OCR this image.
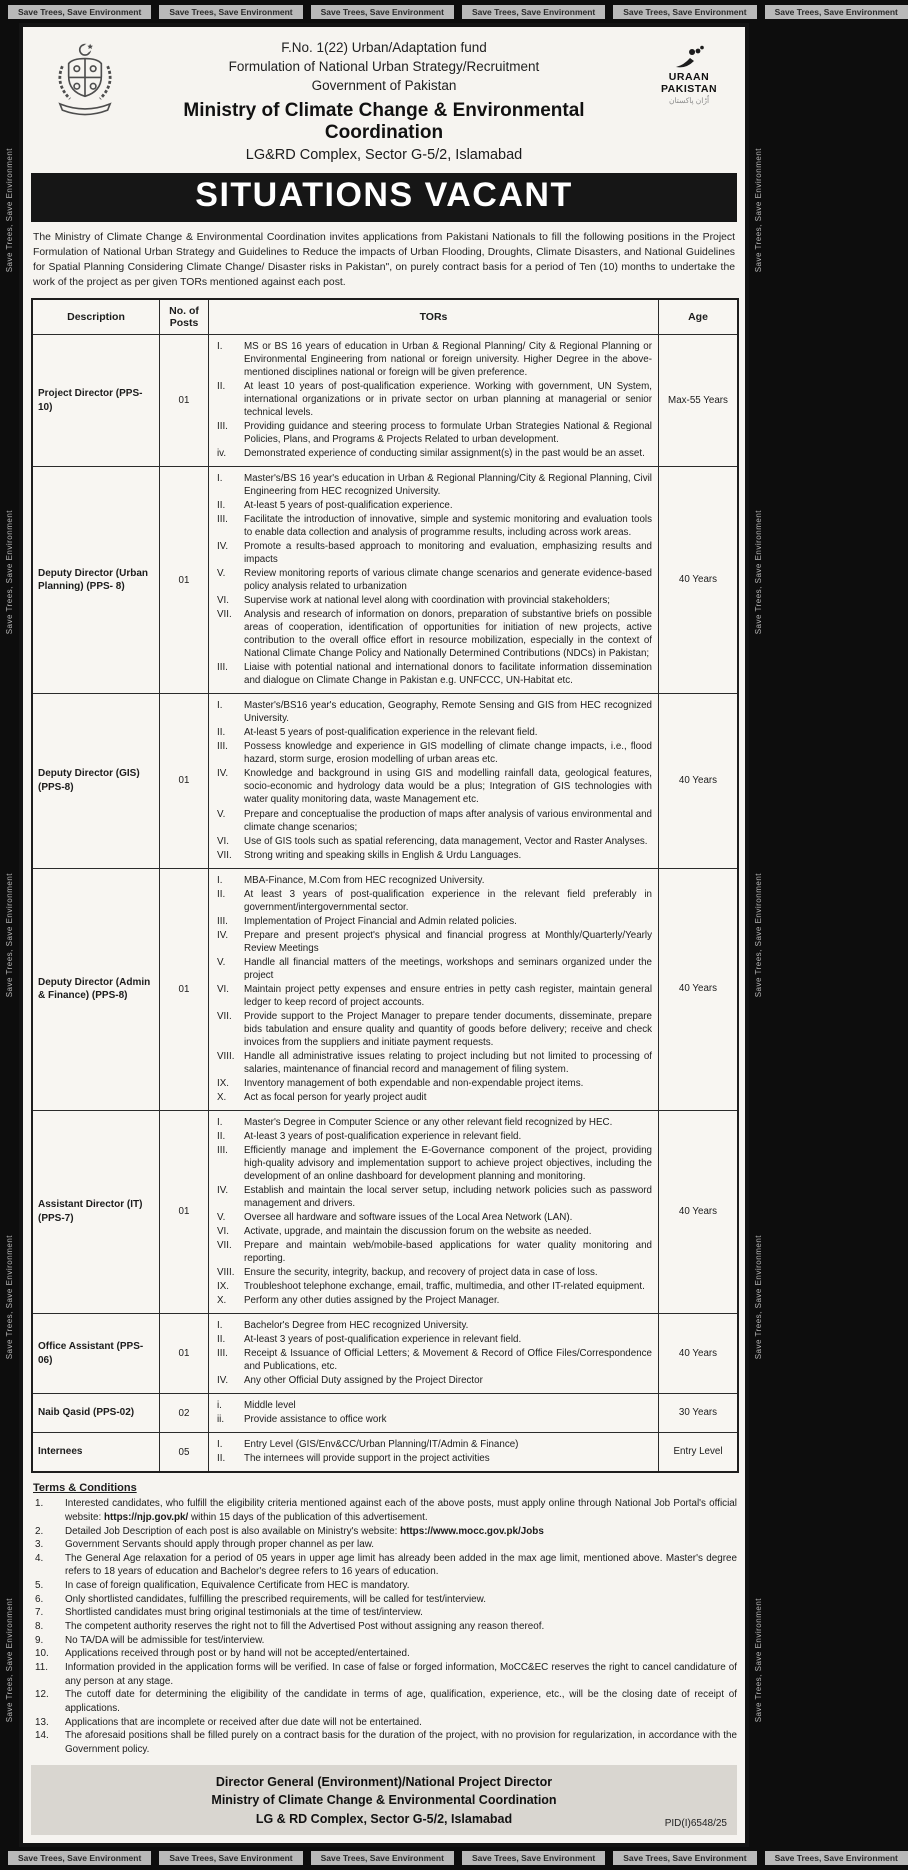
Save Trees, Save Environment	Save Trees, Save Environment	Save Trees, Save Environment	Save Trees, Save Environment	Save Trees, Save Environment	Save Trees, Save Environment
Save Trees, Save Environment
Save Trees, Save Environment
Save Trees, Save Environment
Save Trees, Save Environment
Save Trees, Save Environment
URAAN
PAKISTAN
اُڑان پاکستان
F.No. 1(22) Urban/Adaptation fund
Formulation of National Urban Strategy/Recruitment
Government of Pakistan
Ministry of Climate Change & Environmental Coordination
LG&RD Complex, Sector G-5/2, Islamabad
SITUATIONS VACANT
The Ministry of Climate Change & Environmental Coordination invites applications from Pakistani Nationals to fill the following positions in the Project Formulation of National Urban Strategy and Guidelines to Reduce the impacts of Urban Flooding, Droughts, Climate Disasters, and National Guidelines for Spatial Planning Considering Climate Change/ Disaster risks in Pakistan", on purely contract basis for a period of Ten (10) months to undertake the work of the project as per given TORs mentioned against each post.
Description	No. of Posts	TORs	Age
Project Director (PPS-10)	01	
I.	MS or BS 16 years of education in Urban & Regional Planning/ City & Regional Planning or Environmental Engineering from national or foreign university. Higher Degree in the above-mentioned disciplines national or foreign will be given preference.
II.	At least 10 years of post-qualification experience. Working with government, UN System, international organizations or in private sector on urban planning at managerial or senior technical levels.
III.	Providing guidance and steering process to formulate Urban Strategies National & Regional Policies, Plans, and Programs & Projects Related to urban development.
iv.	Demonstrated experience of conducting similar assignment(s) in the past would be an asset.
	Max-55 Years
Deputy Director (Urban Planning) (PPS- 8)	01	
I.	Master's/BS 16 year's education in Urban & Regional Planning/City & Regional Planning, Civil Engineering from HEC recognized University.
II.	At-least 5 years of post-qualification experience.
III.	Facilitate the introduction of innovative, simple and systemic monitoring and evaluation tools to enable data collection and analysis of programme results, including across work areas.
IV.	Promote a results-based approach to monitoring and evaluation, emphasizing results and impacts
V.	Review monitoring reports of various climate change scenarios and generate evidence-based policy analysis related to urbanization
VI.	Supervise work at national level along with coordination with provincial stakeholders;
VII.	Analysis and research of information on donors, preparation of substantive briefs on possible areas of cooperation, identification of opportunities for initiation of new projects, active contribution to the overall office effort in resource mobilization, especially in the context of National Climate Change Policy and Nationally Determined Contributions (NDCs) in Pakistan;
III.	Liaise with potential national and international donors to facilitate information dissemination and dialogue on Climate Change in Pakistan e.g. UNFCCC, UN-Habitat etc.
	40 Years
Deputy Director (GIS) (PPS-8)	01	
I.	Master's/BS16 year's education, Geography, Remote Sensing and GIS from HEC recognized University.
II.	At-least 5 years of post-qualification experience in the relevant field.
III.	Possess knowledge and experience in GIS modelling of climate change impacts, i.e., flood hazard, storm surge, erosion modelling of urban areas etc.
IV.	Knowledge and background in using GIS and modelling rainfall data, geological features, socio-economic and hydrology data would be a plus; Integration of GIS technologies with water quality monitoring data, waste Management etc.
V.	Prepare and conceptualise the production of maps after analysis of various environmental and climate change scenarios;
VI.	Use of GIS tools such as spatial referencing, data management, Vector and Raster Analyses.
VII.	Strong writing and speaking skills in English & Urdu Languages.
	40 Years
Deputy Director (Admin & Finance) (PPS-8)	01	
I.	MBA-Finance, M.Com from HEC recognized University.
II.	At least 3 years of post-qualification experience in the relevant field preferably in government/intergovernmental sector.
III.	Implementation of Project Financial and Admin related policies.
IV.	Prepare and present project's physical and financial progress at Monthly/Quarterly/Yearly Review Meetings
V.	Handle all financial matters of the meetings, workshops and seminars organized under the project
VI.	Maintain project petty expenses and ensure entries in petty cash register, maintain general ledger to keep record of project accounts.
VII.	Provide support to the Project Manager to prepare tender documents, disseminate, prepare bids tabulation and ensure quality and quantity of goods before delivery; receive and check invoices from the suppliers and initiate payment requests.
VIII. Handle all administrative issues relating to project including but not limited to processing of salaries, maintenance of financial record and management of filing system.
IX.	Inventory management of both expendable and non-expendable project items.
X.	Act as focal person for yearly project audit
	40 Years
Assistant Director (IT) (PPS-7)	01	
I.	Master's Degree in Computer Science or any other relevant field recognized by HEC.
II.	At-least 3 years of post-qualification experience in relevant field.
III.	Efficiently manage and implement the E-Governance component of the project, providing high-quality advisory and implementation support to achieve project objectives, including the development of an online dashboard for development planning and monitoring.
IV.	Establish and maintain the local server setup, including network policies such as password management and drivers.
V.	Oversee all hardware and software issues of the Local Area Network (LAN).
VI.	Activate, upgrade, and maintain the discussion forum on the website as needed.
VII.	Prepare and maintain web/mobile-based applications for water quality monitoring and reporting.
VIII. Ensure the security, integrity, backup, and recovery of project data in case of loss.
IX.	Troubleshoot telephone exchange, email, traffic, multimedia, and other IT-related equipment.
X.	Perform any other duties assigned by the Project Manager.
	40 Years
Office Assistant (PPS-06)	01	
I.	Bachelor's Degree from HEC recognized University.
II.	At-least 3 years of post-qualification experience in relevant field.
III.	Receipt & Issuance of Official Letters; & Movement & Record of Office Files/Correspondence and Publications, etc.
IV.	Any other Official Duty assigned by the Project Director
	40 Years
Naib Qasid (PPS-02)	02	
i.	Middle level
ii.	Provide assistance to office work
	30 Years
Internees	05	
I.	Entry Level (GIS/Env&CC/Urban Planning/IT/Admin & Finance)
II.	The internees will provide support in the project activities
	Entry Level
Terms & Conditions
1.	Interested candidates, who fulfill the eligibility criteria mentioned against each of the above posts, must apply online through National Job Portal's official website: https://njp.gov.pk/ within 15 days of the publication of this advertisement.
2.	Detailed Job Description of each post is also available on Ministry's website: https://www.mocc.gov.pk/Jobs
3.	Government Servants should apply through proper channel as per law.
4.	The General Age relaxation for a period of 05 years in upper age limit has already been added in the max age limit, mentioned above. Master's degree refers to 18 years of education and Bachelor's degree refers to 16 years of education.
5.	In case of foreign qualification, Equivalence Certificate from HEC is mandatory.
6.	Only shortlisted candidates, fulfilling the prescribed requirements, will be called for test/interview.
7.	Shortlisted candidates must bring original testimonials at the time of test/interview.
8.	The competent authority reserves the right not to fill the Advertised Post without assigning any reason thereof.
9.	No TA/DA will be admissible for test/interview.
10.	Applications received through post or by hand will not be accepted/entertained.
11.	Information provided in the application forms will be verified. In case of false or forged information, MoCC&EC reserves the right to cancel candidature of any person at any stage.
12.	The cutoff date for determining the eligibility of the candidate in terms of age, qualification, experience, etc., will be the closing date of receipt of applications.
13.	Applications that are incomplete or received after due date will not be entertained.
14.	The aforesaid positions shall be filled purely on a contract basis for the duration of the project, with no provision for regularization, in accordance with the Government policy.
Director General (Environment)/National Project Director
Ministry of Climate Change & Environmental Coordination
LG & RD Complex, Sector G-5/2, Islamabad	PID(I)6548/25
Save Trees, Save Environment
Save Trees, Save Environment
Save Trees, Save Environment
Save Trees, Save Environment
Save Trees, Save Environment
Save Trees, Save Environment	Save Trees, Save Environment	Save Trees, Save Environment	Save Trees, Save Environment	Save Trees, Save Environment	Save Trees, Save Environment
